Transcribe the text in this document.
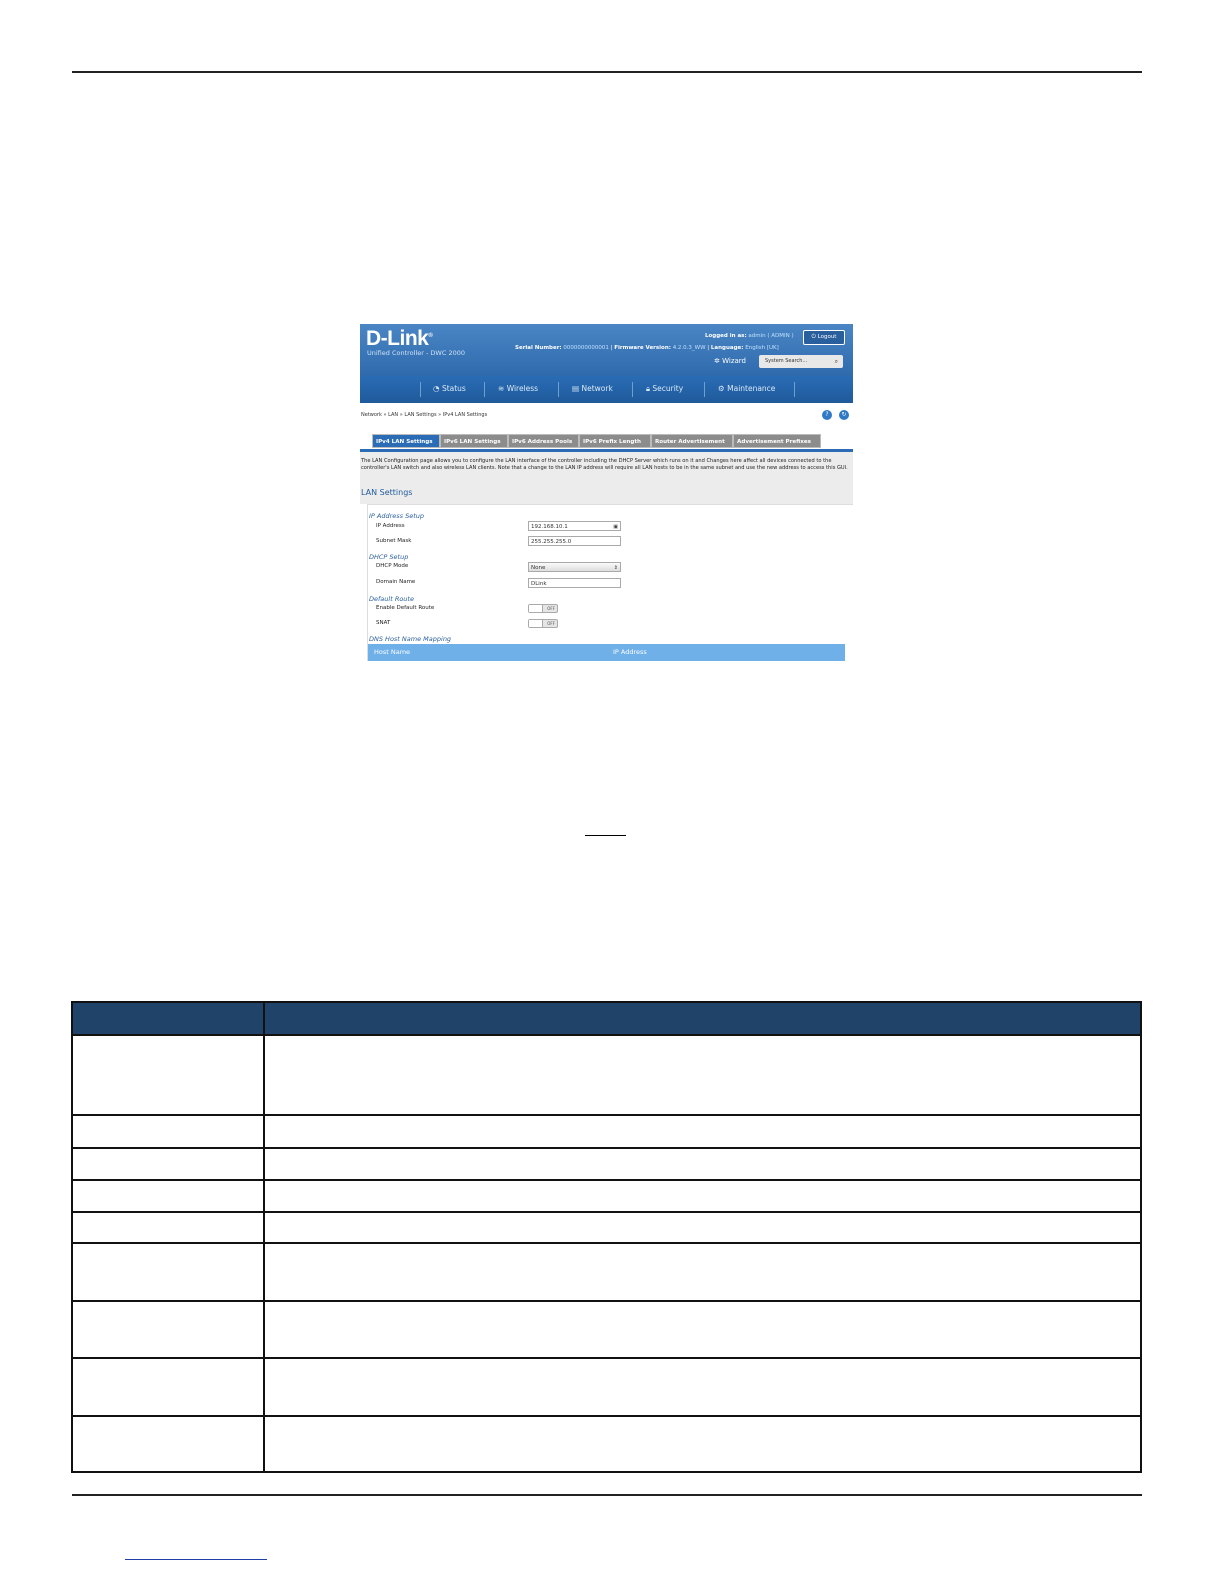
D-Link®
Unified Controller - DWC 2000
Logged in as: admin ( ADMIN )	⏻ Logout
Serial Number: 0000000000001 | Firmware Version: 4.2.0.3_WW | Language: English [UK]
✲ Wizard	System Search...	⌕
◔ Status	≋ Wireless	▤ Network	🔒︎ Security	⚙ Maintenance
Network » LAN » LAN Settings » IPv4 LAN Settings	?	↻
IPv4 LAN Settings	IPv6 LAN Settings	IPv6 Address Pools	IPv6 Prefix Length	Router Advertisement	Advertisement Prefixes
The LAN Configuration page allows you to configure the LAN interface of the controller including the DHCP Server which runs on it and Changes here affect all devices connected to the controller's LAN switch and also wireless LAN clients. Note that a change to the LAN IP address will require all LAN hosts to be in the same subnet and use the new address to access this GUI.
LAN Settings
IP Address Setup
IP Address	192.168.10.1	▣
Subnet Mask	255.255.255.0
DHCP Setup
DHCP Mode	None	⇕
Domain Name	DLink
Default Route
Enable Default Route	OFF
SNAT	OFF
DNS Host Name Mapping
Host Name	IP Address
